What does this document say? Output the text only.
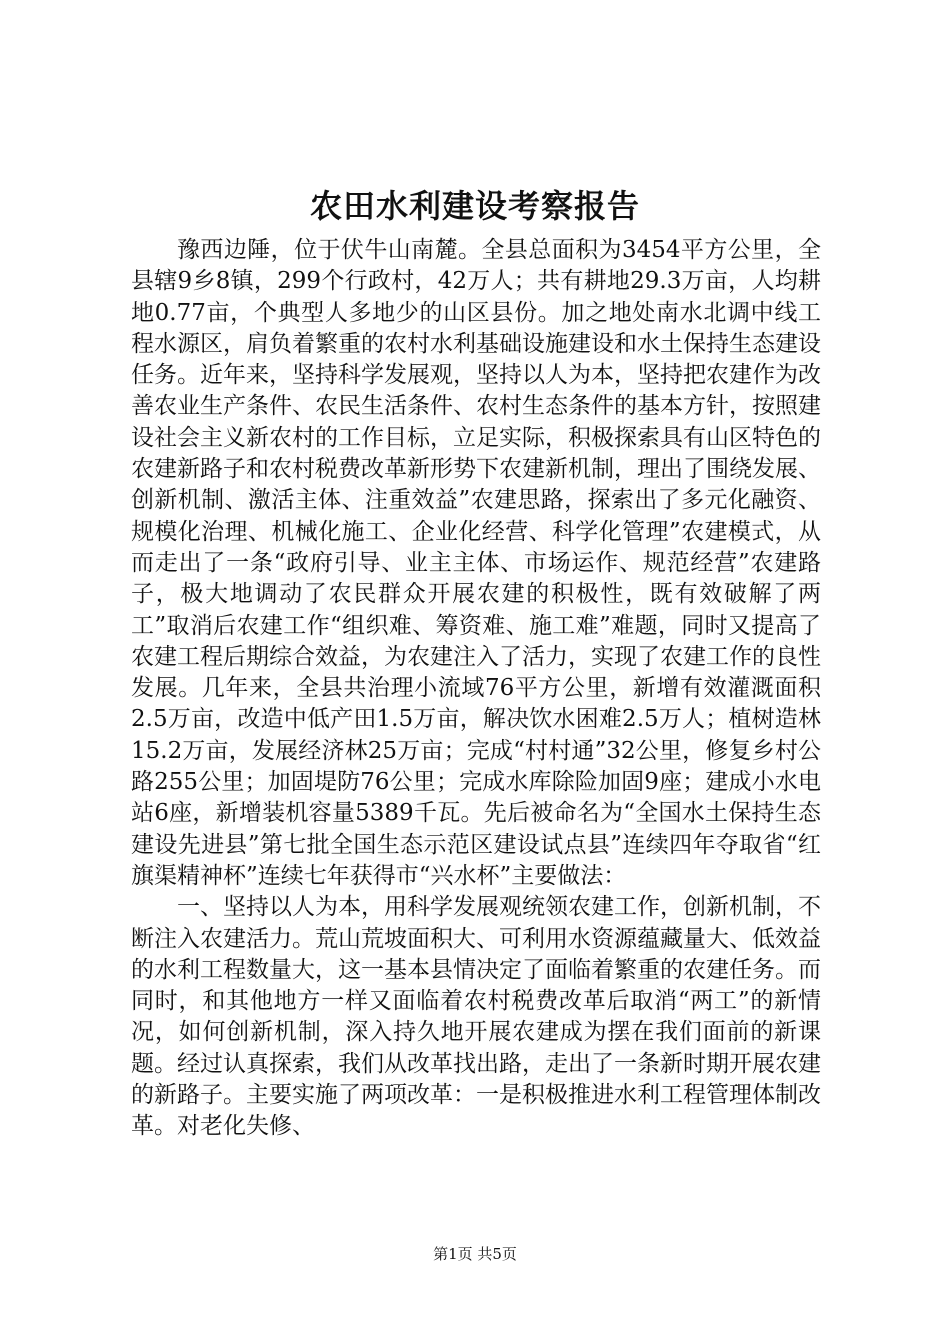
农田水利建设考察报告

豫西边陲，位于伏牛山南麓。全县总面积为3454平方公里，全县辖9乡8镇，299个行政村，42万人；共有耕地29.3万亩，人均耕地0.77亩，个典型人多地少的山区县份。加之地处南水北调中线工程水源区，肩负着繁重的农村水利基础设施建设和水土保持生态建设任务。近年来，坚持科学发展观，坚持以人为本，坚持把农建作为改善农业生产条件、农民生活条件、农村生态条件的基本方针，按照建设社会主义新农村的工作目标，立足实际，积极探索具有山区特色的农建新路子和农村税费改革新形势下农建新机制，理出了围绕发展、创新机制、激活主体、注重效益”农建思路，探索出了多元化融资、规模化治理、机械化施工、企业化经营、科学化管理”农建模式，从而走出了一条“政府引导、业主主体、市场运作、规范经营”农建路子，极大地调动了农民群众开展农建的积极性，既有效破解了两工”取消后农建工作“组织难、筹资难、施工难”难题，同时又提高了农建工程后期综合效益，为农建注入了活力，实现了农建工作的良性发展。几年来，全县共治理小流域76平方公里，新增有效灌溉面积2.5万亩，改造中低产田1.5万亩，解决饮水困难2.5万人；植树造林15.2万亩，发展经济林25万亩；完成“村村通”32公里，修复乡村公路255公里；加固堤防76公里；完成水库除险加固9座；建成小水电站6座，新增装机容量5389千瓦。先后被命名为“全国水土保持生态建设先进县”第七批全国生态示范区建设试点县”连续四年夺取省“红旗渠精神杯”连续七年获得市“兴水杯”主要做法：

一、坚持以人为本，用科学发展观统领农建工作，创新机制，不断注入农建活力。荒山荒坡面积大、可利用水资源蕴藏量大、低效益的水利工程数量大，这一基本县情决定了面临着繁重的农建任务。而同时，和其他地方一样又面临着农村税费改革后取消“两工”的新情况，如何创新机制，深入持久地开展农建成为摆在我们面前的新课题。经过认真探索，我们从改革找出路，走出了一条新时期开展农建的新路子。主要实施了两项改革：一是积极推进水利工程管理体制改革。对老化失修、

第1页 共5页
